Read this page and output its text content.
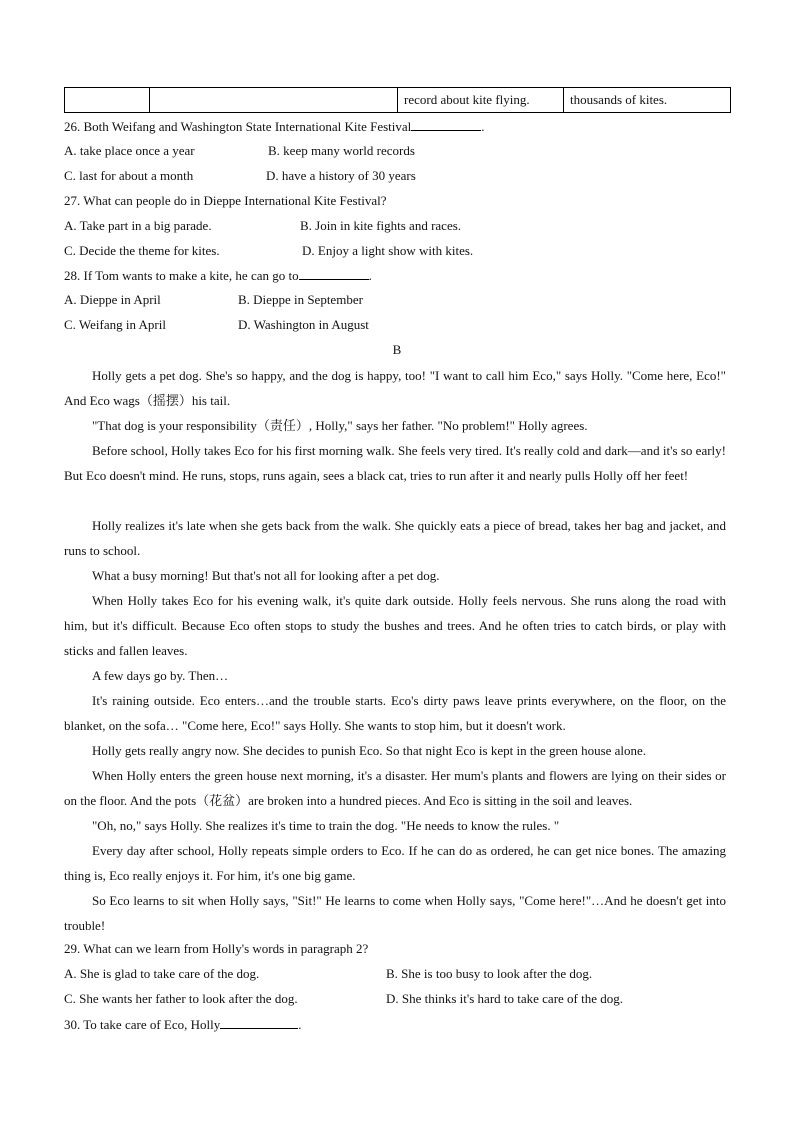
		record about kite flying.	thousands of kites.
26. Both Weifang and Washington State International Kite Festival	.
A. take place once a year	B. keep many world records
C. last for about a month	D. have a history of 30 years
27. What can people do in Dieppe International Kite Festival?
A. Take part in a big parade.	B. Join in kite fights and races.
C. Decide the theme for kites.	D. Enjoy a light show with kites.
28. If Tom wants to make a kite, he can go to	.
A. Dieppe in April	B. Dieppe in September
C. Weifang in April	D. Washington in August
B
Holly gets a pet dog. She's so happy, and the dog is happy, too! "I want to call him Eco," says Holly. "Come here, Eco!" And Eco wags（摇摆）his tail.
"That dog is your responsibility（责任）, Holly," says her father. "No problem!" Holly agrees.
Before school, Holly takes Eco for his first morning walk. She feels very tired. It's really cold and dark—and it's so early! But Eco doesn't mind. He runs, stops, runs again, sees a black cat, tries to run after it and nearly pulls Holly off her feet!
Holly realizes it's late when she gets back from the walk. She quickly eats a piece of bread, takes her bag and jacket, and runs to school.
What a busy morning! But that's not all for looking after a pet dog.
When Holly takes Eco for his evening walk, it's quite dark outside. Holly feels nervous. She runs along the road with him, but it's difficult. Because Eco often stops to study the bushes and trees. And he often tries to catch birds, or play with sticks and fallen leaves.
A few days go by. Then…
It's raining outside. Eco enters…and the trouble starts. Eco's dirty paws leave prints everywhere, on the floor, on the blanket, on the sofa… "Come here, Eco!" says Holly. She wants to stop him, but it doesn't work.
Holly gets really angry now. She decides to punish Eco. So that night Eco is kept in the green house alone.
When Holly enters the green house next morning, it's a disaster. Her mum's plants and flowers are lying on their sides or on the floor. And the pots（花盆）are broken into a hundred pieces. And Eco is sitting in the soil and leaves.
"Oh, no," says Holly. She realizes it's time to train the dog. "He needs to know the rules. "
Every day after school, Holly repeats simple orders to Eco. If he can do as ordered, he can get nice bones. The amazing thing is, Eco really enjoys it. For him, it's one big game.
So Eco learns to sit when Holly says, "Sit!" He learns to come when Holly says, "Come here!"…And he doesn't get into trouble!
29. What can we learn from Holly's words in paragraph 2?
A. She is glad to take care of the dog.	B. She is too busy to look after the dog.
C. She wants her father to look after the dog.	D. She thinks it's hard to take care of the dog.
30. To take care of Eco, Holly	.
